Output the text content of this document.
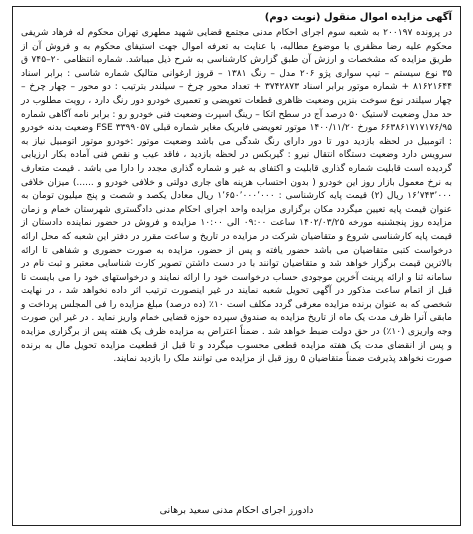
آگهی مزایده اموال منقول (نوبت دوم)

در پرونده ۲۰۰۱۹۷ به شعبه سوم اجرای احکام مدنی مجتمع قضایی شهید مطهری تهران محکوم له فرهاد شریفی محکوم علیه رضا مظفری با موضوع مطالبه، با عنایت به تعرفه اموال جهت استیفای محکوم به و فروش آن از طریق مزایده که مشخصات و ارزش آن طبق گزارش کارشناسی به شرح ذیل میباشد. شماره انتظامی ۲۰–۷۴۵ ق ۳۵ نوع سیستم – تیپ سواری پژو ۲۰۶ مدل – رنگ ۱۳۸۱ – قروز ارغوانی متالیک شماره شاسی : برابر اسناد ۸۱۶۲۱۶۴۴ + شماره موتور برابر اسناد ۳۷۴۲۸۷۳ + تعداد محور چرخ – سیلندر بترتیب : دو محور – چهار چرخ – چهار سیلندر نوع سوخت بنزین وضعیت ظاهری قطعات تعویضی و تعمیری خودرو دور رنگ دارد ، رویت مطلوب در حد مدل وضعیت لاستیک ۵۰ درصد آج در سطح اتکا – رینگ اسپرت وضعیت فنی خودرو رو : برابر نامه آگاهی شماره ۶۶۳۸۶۱۷۱۷۱۷۶/۹۵ مورخ ۱۴۰۰/۱۱/۲۰ موتور تعویضی فابریک مغایر شماره قبلی FSE ۳۳۹۹۰۵۷ وضعیت بدنه خودرو : اتومبیل در لحظه بازدید دور تا دور دارای رنگ شدگی می باشد وضعیت موتور :خودرو موتور اتومبیل نیاز به سرویس دارد وضعیت دستگاه انتقال نیرو : گیربکس در لحظه بازدید ، فاقد عیب و نقص فنی آماده بکار ارزیابی گردیده است قابلیت شماره گذاری قابلیت و اکتفای به غیر و شماره گذاری مجدد را دارا می باشد . قیمت متعارف به نرخ معمول بازار روز این خودرو ( بدون احتساب هزینه های جاری دولتی و خلافی خودرو و ......) میزان خلافی ۱۶٬۷۴۳٬۰۰۰ ریال (۲) قیمت پایه کارشناسی : ۱٬۶۵۰٬۰۰۰٬۰۰۰ ریال معادل یکصد و شصت و پنج میلیون تومان به عنوان قیمت پایه تعیین میگردد مکان برگزاری مزایده واحد اجرای احکام مدنی دادگستری شهرستان خمام و زمان مزایده روز پنجشنبه مورخه ۱۴۰۲/۰۳/۲۵ ساعت ۰۹:۰۰ الی ۱۰:۰۰ مزایده و فروش در حضور نماینده دادستان از قیمت پایه کارشناسی شروع و متقاضیان شرکت در مزایده در تاریخ و ساعت مقرر در دفتر این شعبه که محل ارائه درخواست کتبی متقاضیان می باشد حضور یافته و پس از حضور، مزایده به صورت حضوری و شفاهی تا ارائه بالاترین قیمت برگزار خواهد شد و متقاضیان توانند با در دست داشتن تصویر کارت شناسایی معتبر و ثبت نام در سامانه ثنا و ارائه پرینت آخرین موجودی حساب درخواست خود را ارائه نمایند و درخواستهای خود را می بایست تا قبل از اتمام ساعت مذکور در آگهی تحویل شعبه نمایند در غیر اینصورت ترتیب اثر داده نخواهد شد ، در نهایت شخصی که به عنوان برنده مزایده معرفی گردد مکلف است ۱۰٪ (ده درصد) مبلغ مزایده را فی المجلس پرداخت و مابقی آنرا ظرف مدت یک ماه از تاریخ مزایده به صندوق سپرده حوزه قضایی خمام واریز نماید . در غیر این صورت وجه واریزی (۱۰٪) در حق دولت ضبط خواهد شد . ضمناً اعتراض به مزایده ظرف یک هفته پس از برگزاری مزایده و پس از انقضای مدت یک هفته مزایده قطعی محسوب میگردد و تا قبل از قطعیت مزایده تحویل مال به برنده صورت نخواهد پذیرفت ضمناً متقاضیان ۵ روز قبل از مزایده می توانند ملک را بازدید نمایند.

دادورز اجرای احکام مدنی سعید برهانی
